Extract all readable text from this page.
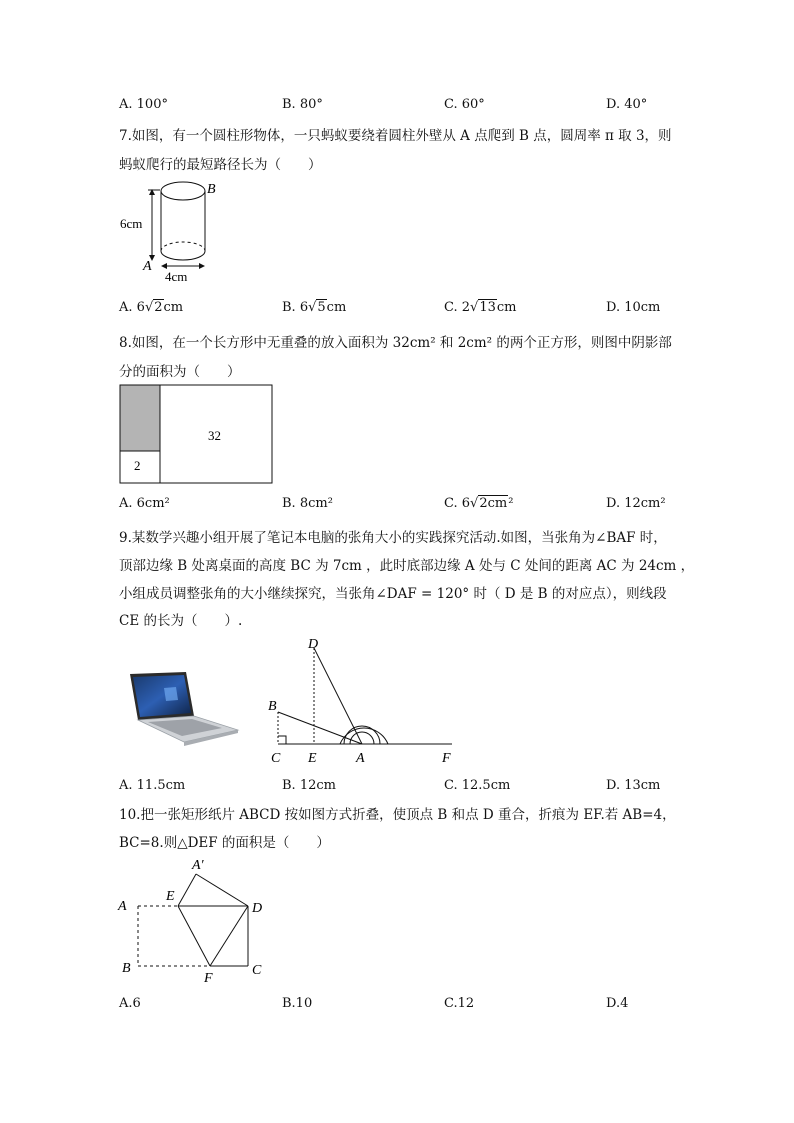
A. 100°	B. 80°	C. 60°	D. 40°
7.如图，有一个圆柱形物体，一只蚂蚁要绕着圆柱外壁从 A 点爬到 B 点，圆周率 π 取 3，则
蚂蚁爬行的最短路径长为（　　）
B
A
6cm
4cm
A. 6√2cm	B. 6√5cm	C. 2√13cm	D. 10cm
8.如图，在一个长方形中无重叠的放入面积为 32cm² 和 2cm² 的两个正方形，则图中阴影部
分的面积为（　　）
32
2
A. 6cm²	B. 8cm²	C. 6√2cm²	D. 12cm²
9.某数学兴趣小组开展了笔记本电脑的张角大小的实践探究活动.如图，当张角为∠BAF 时，
顶部边缘 B 处离桌面的高度 BC 为 7cm ，此时底部边缘 A 处与 C 处间的距离 AC 为 24cm ，
小组成员调整张角的大小继续探究，当张角∠DAF = 120° 时（ D 是 B 的对应点），则线段
CE 的长为（　　）.
D
B
C E	A	F
A. 11.5cm	B. 12cm	C. 12.5cm	D. 13cm
10.把一张矩形纸片 ABCD 按如图方式折叠，使顶点 B 和点 D 重合，折痕为 EF.若 AB=4，
BC=8.则△DEF 的面积是（　　）
A′
E
A	D
B
F
C
A.6	B.10	C.12	D.4
